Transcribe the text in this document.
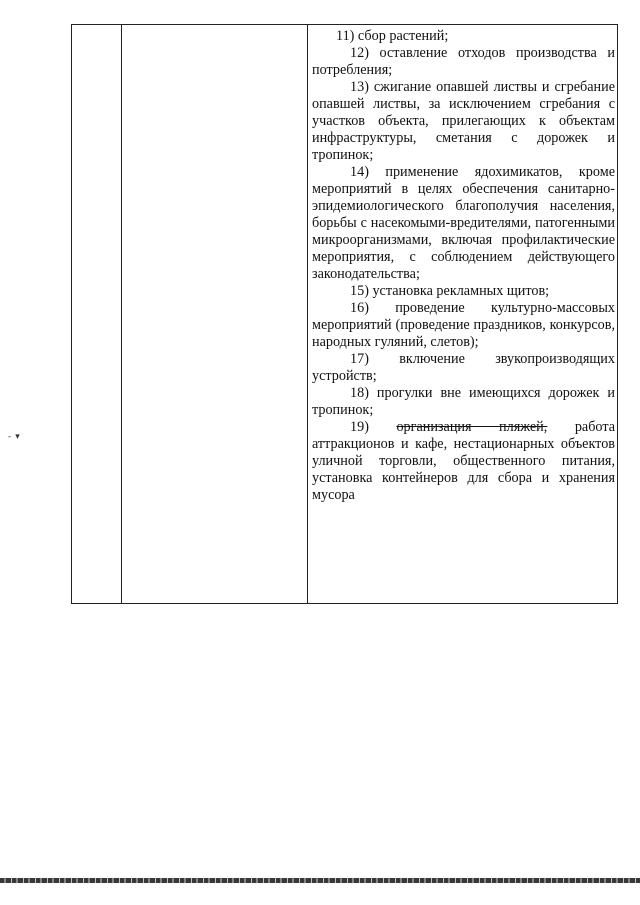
- ▾

11) сбор растений;

12) оставление отходов производства и потребления;

13) сжигание опавшей листвы и сгребание опавшей листвы, за исключением сгребания с участков объекта, прилегающих к объектам инфраструктуры, сметания с дорожек и тропинок;

14) применение ядохимикатов, кроме мероприятий в целях обеспечения санитарно-эпидемиологического благополучия населения, борьбы с насекомыми-вредителями, патогенными микроорганизмами, включая профилактические мероприятия, с соблюдением действующего законодательства;

15) установка рекламных щитов;

16) проведение культурно-массовых мероприятий (проведение праздников, конкурсов, народных гуляний, слетов);

17) включение звукопроизводящих устройств;

18) прогулки вне имеющихся дорожек и тропинок;

19) организация пляжей, работа аттракционов и кафе, нестационарных объектов уличной торговли, общественного питания, установка контейнеров для сбора и хранения мусора
